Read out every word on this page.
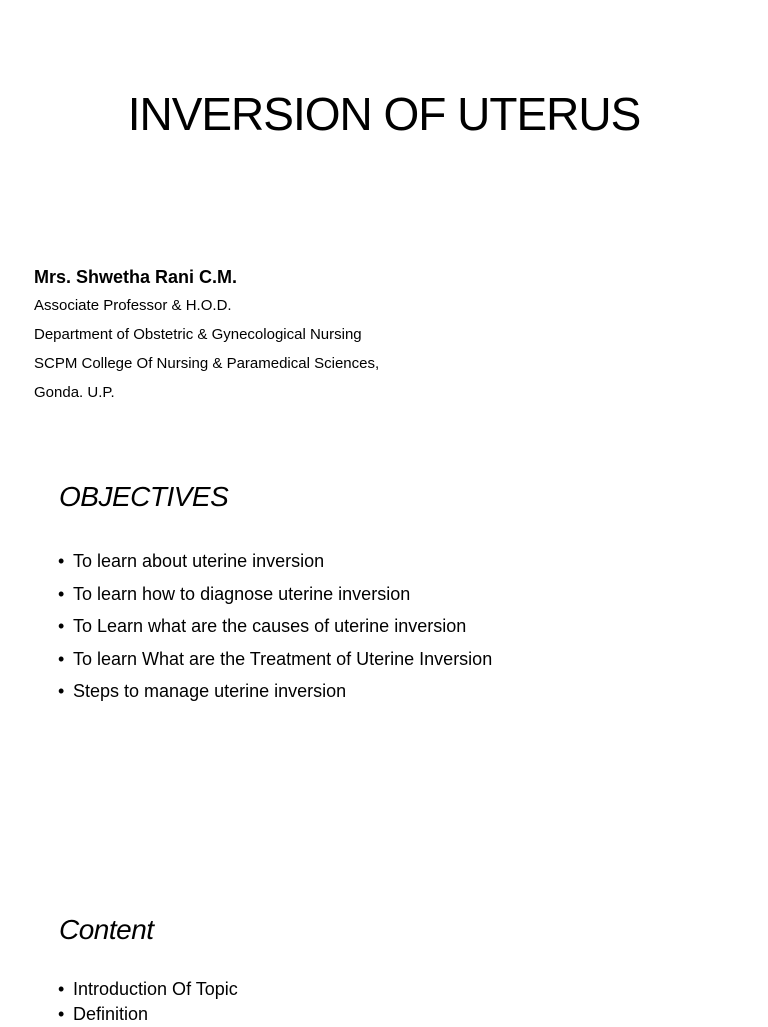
INVERSION OF UTERUS
Mrs. Shwetha Rani C.M.
Associate Professor & H.O.D.
Department of Obstetric & Gynecological Nursing
SCPM College Of Nursing & Paramedical Sciences,
Gonda. U.P.
OBJECTIVES
• To learn about uterine inversion
• To learn how to diagnose uterine inversion
• To Learn what are the causes of uterine inversion
• To learn What are the Treatment of Uterine Inversion
• Steps to manage uterine inversion
Content
• Introduction Of Topic
• Definition
